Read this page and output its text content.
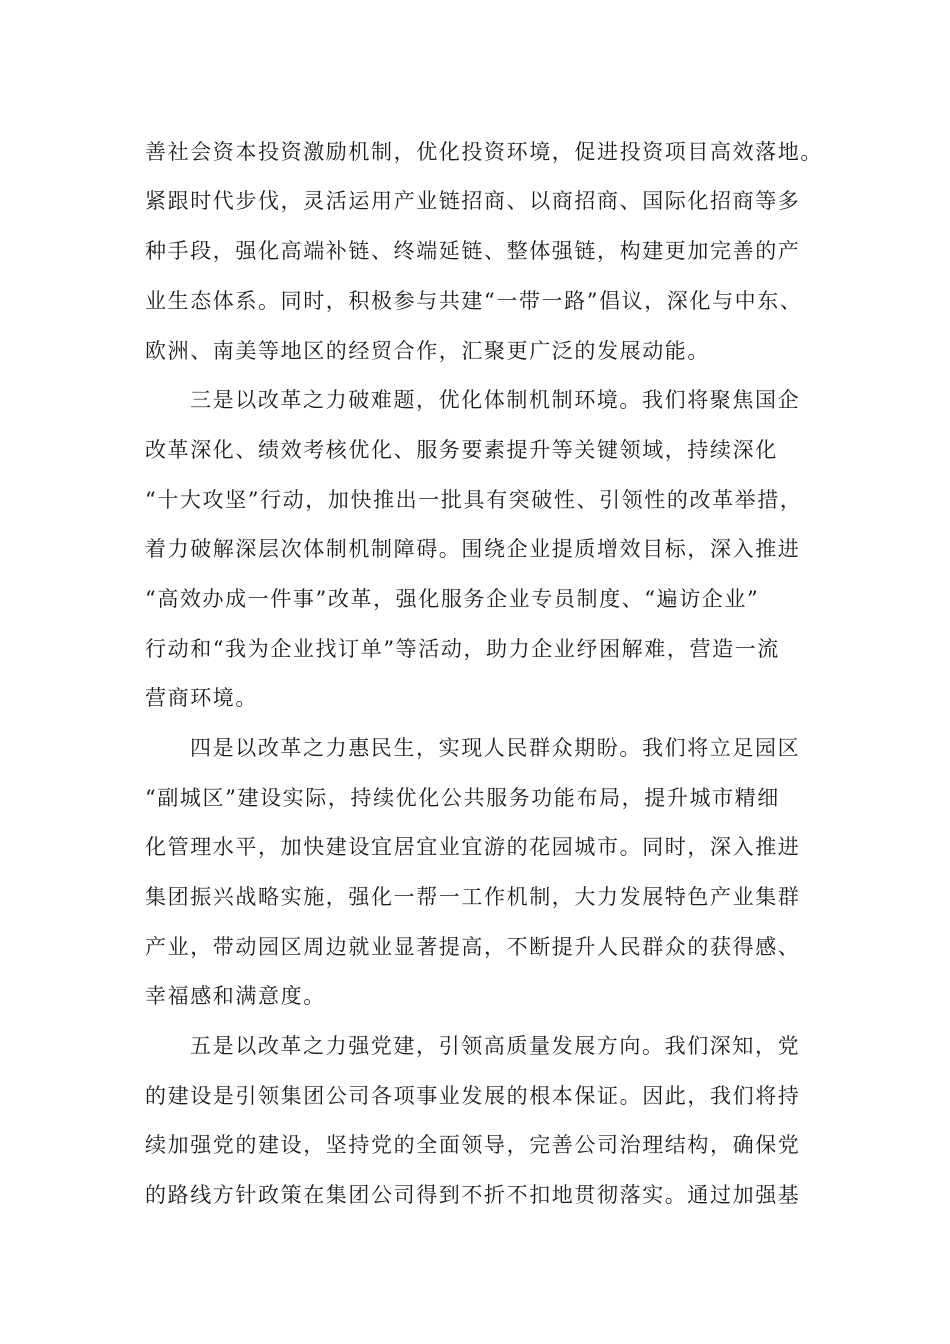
善社会资本投资激励机制，优化投资环境，促进投资项目高效落地。
紧跟时代步伐，灵活运用产业链招商、以商招商、国际化招商等多
种手段，强化高端补链、终端延链、整体强链，构建更加完善的产
业生态体系。同时，积极参与共建“一带一路”倡议，深化与中东、
欧洲、南美等地区的经贸合作，汇聚更广泛的发展动能。
三是以改革之力破难题，优化体制机制环境。我们将聚焦国企
改革深化、绩效考核优化、服务要素提升等关键领域，持续深化
“十大攻坚”行动，加快推出一批具有突破性、引领性的改革举措，
着力破解深层次体制机制障碍。围绕企业提质增效目标，深入推进
“高效办成一件事”改革，强化服务企业专员制度、“遍访企业”
行动和“我为企业找订单”等活动，助力企业纾困解难，营造一流
营商环境。
四是以改革之力惠民生，实现人民群众期盼。我们将立足园区
“副城区”建设实际，持续优化公共服务功能布局，提升城市精细
化管理水平，加快建设宜居宜业宜游的花园城市。同时，深入推进
集团振兴战略实施，强化一帮一工作机制，大力发展特色产业集群
产业，带动园区周边就业显著提高，不断提升人民群众的获得感、
幸福感和满意度。
五是以改革之力强党建，引领高质量发展方向。我们深知，党
的建设是引领集团公司各项事业发展的根本保证。因此，我们将持
续加强党的建设，坚持党的全面领导，完善公司治理结构，确保党
的路线方针政策在集团公司得到不折不扣地贯彻落实。通过加强基
